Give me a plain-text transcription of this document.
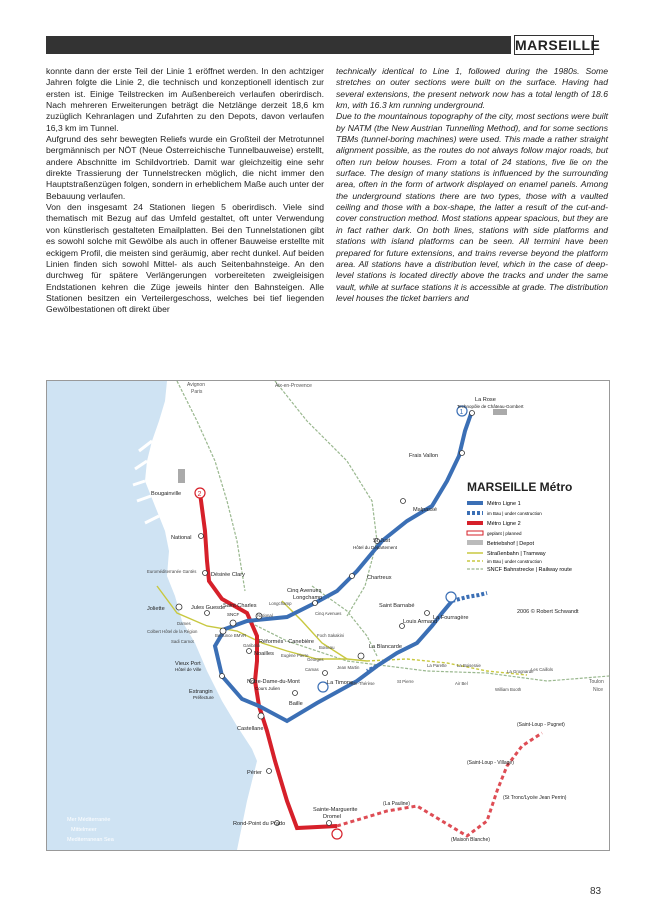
MARSEILLE

konnte dann der erste Teil der Linie 1 eröffnet werden. In den achtziger Jahren folgte die Linie 2, die technisch und konzeptionell identisch zur ersten ist. Einige Teilstrecken im Außenbereich verlaufen oberirdisch. Nach mehreren Erweiterungen beträgt die Netzlänge derzeit 18,6 km zuzüglich Kehranlagen und Zufahrten zu den Depots, davon verlaufen 16,3 km im Tunnel.

Aufgrund des sehr bewegten Reliefs wurde ein Großteil der Metrotunnel bergmännisch per NÖT (Neue Österreichische Tunnelbauweise) erstellt, andere Abschnitte im Schildvortrieb. Damit war gleichzeitig eine sehr direkte Trassierung der Tunnelstrecken möglich, die nicht immer den Hauptstraßenzügen folgen, sondern in erheblichem Maße auch unter der Bebauung verlaufen.

Von den insgesamt 24 Stationen liegen 5 oberirdisch. Viele sind thematisch mit Bezug auf das Umfeld gestaltet, oft unter Verwendung von künstlerisch gestalteten Emailplatten. Bei den Tunnelstationen gibt es sowohl solche mit Gewölbe als auch in offener Bauweise erstellte mit eckigem Profil, die meisten sind geräumig, aber recht dunkel. Auf beiden Linien finden sich sowohl Mittel- als auch Seitenbahnsteige. An den durchweg für spätere Verlängerungen vorbereiteten zweigleisigen Endstationen kehren die Züge jeweils hinter den Bahnsteigen. Alle Stationen besitzen ein Verteilergeschoss, welches bei tief liegenden Gewölbestationen oft direkt über

technically identical to Line 1, followed during the 1980s. Some stretches on outer sections were built on the surface. Having had several extensions, the present network now has a total length of 18.6 km, with 16.3 km running underground.

Due to the mountainous topography of the city, most sections were built by NATM (the New Austrian Tunnelling Method), and for some sections TBMs (tunnel-boring machines) were used. This made a rather straight alignment possible, as the routes do not always follow major roads, but often run below houses. From a total of 24 stations, five lie on the surface. The design of many stations is influenced by the surrounding area, often in the form of artwork displayed on enamel panels. Among the underground stations there are two types, those with a vaulted ceiling and those with a box-shape, the latter a result of the cut-and-cover construction method. Most stations appear spacious, but they are in fact rather dark. On both lines, stations with side platforms and stations with island platforms can be seen. All termini have been prepared for future extensions, and trains reverse beyond the platform area. All stations have a distribution level, which in the case of deep-level stations is located directly above the tracks and under the same vault, while at surface stations it is accessible at grade. The distribution level houses the ticket barriers and

Mer Méditerranée
Mittelmeer
Mediterranean Sea
Avignon
Paris
Aix-en-Provence
Toulon
Nice
1
2
La Rose
Technopôle de Château-Gombert
Frais Vallon
Malpassé
St Just
Hôtel du Département
Chartreux
Cinq Avenues
Longchamp
Réformés - Canebière
Vieux Port
Hôtel de Ville
Estrangin
Préfecture
Castellane
Baille
La Timone
La Blancarde
Louis Armand
Saint Barnabé
La Fourragère
Bougainville
National
Désirée Clary
Joliette	Jules Guesde
Saint Charles
SNCF
Noailles
Notre-Dame-du-Mont
Cours Julien
Périer
Rond-Point du Prado
Sainte-Marguerite
Dromel
(Saint-Loup - Pugnet)
(Saint-Loup - Village)
(St Tronc/Lycée Jean Perrin)
(La Pauline)
(Maison Blanche)
Euroméditerranée Gantès
Dames
Colbert Hôtel de la Région
Sadi Carnot
Belsunce BMVR
Garibaldi
Longchamp
National	Cinq Avenues
Foch Sakakini
Boiseau
Eugène Pierre
Camas
Georges
Jean Martin
Ste-Thérèse
La Parette
St Pierre
La Boiseraie
Air Bel
La Grognarde
William Booth
Les Caillols
MARSEILLE Métro
Métro Ligne 1
im Bau | under construction
Métro Ligne 2
geplant | planned
Betriebshof | Depot
Straßenbahn | Tramway
im Bau | under construction
SNCF Bahnstrecke | Railway route
2006 © Robert Schwandt
83
